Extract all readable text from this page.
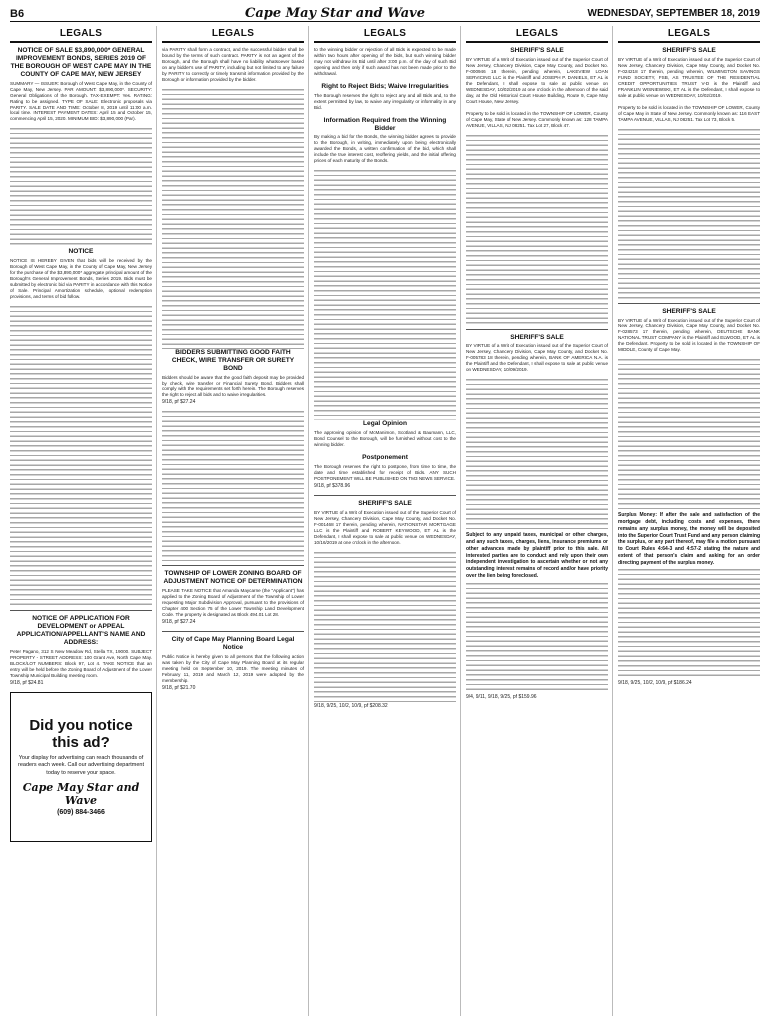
B6	Cape May Star and Wave	WEDNESDAY, SEPTEMBER 18, 2019
LEGALS
NOTICE OF SALE $3,890,000* GENERAL IMPROVEMENT BONDS, SERIES 2019 OF THE BOROUGH OF WEST CAPE MAY IN THE COUNTY OF CAPE MAY, NEW JERSEY
SUMMARY — ISSUER: Borough of West Cape May, in the County of Cape May, New Jersey. PAR AMOUNT: $3,890,000*. SECURITY: General Obligations of the Borough. TAX-EXEMPT: Yes. RATING: Rating to be assigned. TYPE OF SALE: Electronic proposals via PARITY. SALE DATE AND TIME: October 8, 2019 until 11:00 a.m. local time. INTEREST PAYMENT DATES: April 15 and October 15, commencing April 15, 2020. MINIMUM BID: $3,890,000 (Par).
NOTICE
NOTICE IS HEREBY GIVEN that bids will be received by the Borough of West Cape May, in the County of Cape May, New Jersey for the purchase of the $3,890,000* aggregate principal amount of the Borough's General Improvement Bonds, Series 2019. Bids must be submitted by electronic bid via PARITY in accordance with this Notice of Sale. Principal Amortization schedule, optional redemption provisions, and terms of bid follow.
NOTICE OF APPLICATION FOR DEVELOPMENT or APPEAL APPLICATION/APPELLANT'S NAME AND ADDRESS:
Peter Pagano, 312 S New Meadow Rd, Stella TX, 19000. SUBJECT PROPERTY - STREET ADDRESS: 100 Grant Ave, North Cape May. BLOCK/LOT NUMBERS: Block 97, Lot 4. TAKE NOTICE that an entry will be held before the Zoning Board of Adjustment of the Lower Township Municipal Building meeting room.
9/18, pf $24.81
Did you notice this ad?
Your display for advertising can reach thousands of readers each week. Call our advertising department today to reserve your space.
Cape May Star and Wave
(609) 884-3466
LEGALS
via PARITY shall form a contract, and the successful bidder shall be bound by the terms of such contract. PARITY is not an agent of the Borough, and the Borough shall have no liability whatsoever based on any bidder's use of PARITY, including but not limited to any failure by PARITY to correctly or timely transmit information provided by the Borough or information provided by the bidder.
BIDDERS SUBMITTING GOOD FAITH CHECK, WIRE TRANSFER OR SURETY BOND
Bidders should be aware that the good faith deposit may be provided by check, wire transfer or Financial Surety Bond. Bidders shall comply with the requirements set forth herein. The Borough reserves the right to reject all bids and to waive irregularities.
9/18, pf $27.24
TOWNSHIP OF LOWER ZONING BOARD OF ADJUSTMENT NOTICE OF DETERMINATION
PLEASE TAKE NOTICE that Amanda Maycarne (the "Applicant") has applied to the Zoning Board of Adjustment of the Township of Lower requesting Major Subdivision Approval, pursuant to the provisions of Chapter 400 Section 75 of the Lower Township Land Development Code. The property is designated as Block 494.01 Lot 28.
9/18, pf $27.24
City of Cape May Planning Board Legal Notice
Public Notice is hereby given to all persons that the following action was taken by the City of Cape May Planning Board at its regular meeting held on September 10, 2019. The meeting minutes of February 11, 2019 and March 12, 2019 were adopted by the membership.
9/18, pf $21.70
LEGALS
to the winning bidder or rejection of all Bids is expected to be made within two hours after opening of the bids, but such winning bidder may not withdraw its Bid until after 3:00 p.m. of the day of such Bid opening and then only if such award has not been made prior to the withdrawal.
Right to Reject Bids; Waive Irregularities
The Borough reserves the right to reject any and all Bids and, to the extent permitted by law, to waive any irregularity or informality in any Bid.
Information Required from the Winning Bidder
By making a bid for the Bonds, the winning bidder agrees to provide to the Borough, in writing, immediately upon being electronically awarded the Bonds, a written confirmation of the bid, which shall include the true interest cost, reoffering yields, and the initial offering prices of each maturity of the Bonds.
Legal Opinion
The approving opinion of McManimon, Scotland & Baumann, LLC, Bond Counsel to the Borough, will be furnished without cost to the winning bidder.
Postponement
The Borough reserves the right to postpone, from time to time, the date and time established for receipt of Bids. ANY SUCH POSTPONEMENT WILL BE PUBLISHED ON TM3 NEWS SERVICE.
9/18, pf $378.96
SHERIFF'S SALE
BY VIRTUE of a Writ of Execution issued out of the Superior Court of New Jersey, Chancery Division, Cape May County, and Docket No. F-001468 17 therein, pending wherein, NATIONSTAR MORTGAGE LLC is the Plaintiff and ROBERT KEYWOOD, ET AL is the Defendant, I shall expose to sale at public venue on WEDNESDAY, 10/16/2019 at one o'clock in the afternoon.
9/18, 9/25, 10/2, 10/9, pf $208.32
LEGALS
SHERIFF'S SALE
BY VIRTUE of a Writ of Execution issued out of the Superior Court of New Jersey, Chancery Division, Cape May County, and Docket No. F-000946 18 therein, pending wherein, LAKEVIEW LOAN SERVICING LLC is the Plaintiff and JOSEPH P. DANIELS, ET AL is the Defendant, I shall expose to sale at public venue on WEDNESDAY, 10/02/2019 at one o'clock in the afternoon of the said day, at the Old Historical Court House Building, Route 9, Cape May Court House, New Jersey.
Property to be sold is located in the TOWNSHIP OF LOWER, County of Cape May, State of New Jersey. Commonly known as: 128 TAMPA AVENUE, VILLAS, NJ 08251. Tax Lot 27, Block 47.
SHERIFF'S SALE
BY VIRTUE of a Writ of Execution issued out of the Superior Court of New Jersey, Chancery Division, Cape May County, and Docket No. F-005783 18 therein, pending wherein, BANK OF AMERICA N.A. is the Plaintiff and the Defendant, I shall expose to sale at public venue on WEDNESDAY, 10/09/2019.
Subject to any unpaid taxes, municipal or other charges, and any such taxes, charges, liens, insurance premiums or other advances made by plaintiff prior to this sale. All interested parties are to conduct and rely upon their own independent investigation to ascertain whether or not any outstanding interest remains of record and/or have priority over the lien being foreclosed.
9/4, 9/11, 9/18, 9/25, pf $159.96
LEGALS
SHERIFF'S SALE
BY VIRTUE of a Writ of Execution issued out of the Superior Court of New Jersey, Chancery Division, Cape May County, and Docket No. F-024218 17 therein, pending wherein, WILMINGTON SAVINGS FUND SOCIETY, FSB, AS TRUSTEE OF THE RESIDENTIAL CREDIT OPPORTUNITIES TRUST V-D is the Plaintiff and FRANKLIN WISNIEWSKI, ET AL is the Defendant, I shall expose to sale at public venue on WEDNESDAY, 10/02/2019.
Property to be sold is located in the TOWNSHIP OF LOWER, County of Cape May in State of New Jersey. Commonly known as: 116 EAST TAMPA AVENUE, VILLAS, NJ 08251. Tax Lot 73, Block 5.
SHERIFF'S SALE
BY VIRTUE of a Writ of Execution issued out of the Superior Court of New Jersey, Chancery Division, Cape May County, and Docket No. F-028573 17 therein, pending wherein, DEUTSCHE BANK NATIONAL TRUST COMPANY is the Plaintiff and ELWOOD, ET AL is the Defendant. Property to be sold is located in the TOWNSHIP OF MIDDLE, County of Cape May.
Surplus Money: If after the sale and satisfaction of the mortgage debt, including costs and expenses, there remains any surplus money, the money will be deposited into the Superior Court Trust Fund and any person claiming the surplus, or any part thereof, may file a motion pursuant to Court Rules 4:64-3 and 4:57-2 stating the nature and extent of that person's claim and asking for an order directing payment of the surplus money.
9/18, 9/25, 10/2, 10/9, pf $186.24
